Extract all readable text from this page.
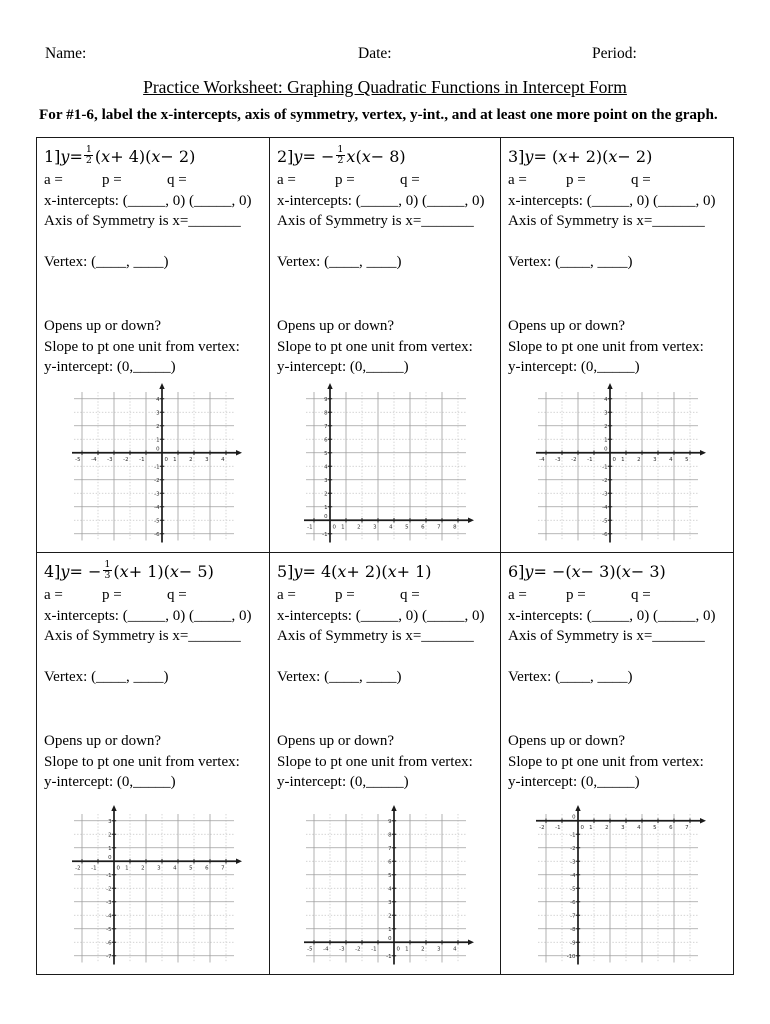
Name:	Date:	Period:
Practice Worksheet: Graphing Quadratic Functions in Intercept Form
For #1-6, label the x-intercepts, axis of symmetry, vertex, y-int., and at least one more point on the graph.
1] $y = \frac{1}{2}$ ( x + 4)( x − 2)
a =	p =	q =
x-intercepts: (_____, 0) (_____, 0)
Axis of Symmetry is x=_______
Vertex: (____, ____)
Opens up or down?
Slope to pt one unit from vertex:
y-intercept: (0,_____)
-5 -4 -3 -2 -1	0 1 2 3 4
-6
-5
-4
-3
-2
-1
0
1
2
3
4
2] y = − $\frac{1}{2}$ x ( x − 8)
a =	p =	q =
x-intercepts: (_____, 0) (_____, 0)
Axis of Symmetry is x=_______
Vertex: (____, ____)
Opens up or down?
Slope to pt one unit from vertex:
y-intercept: (0,_____)
-1	0 1 2 3 4 5 6 7 8
-1
0
1
2
3
4
5
6
7
8
9
3] y = ( x + 2)( x − 2)
a =	p =	q =
x-intercepts: (_____, 0) (_____, 0)
Axis of Symmetry is x=_______
Vertex: (____, ____)
Opens up or down?
Slope to pt one unit from vertex:
y-intercept: (0,_____)
-4 -3 -2 -1	0 1 2 3 4 5
-6
-5
-4
-3
-2
-1
0
1
2
3
4
4] y = − $\frac{1}{3}$ ( x + 1)( x − 5)
a =	p =	q =
x-intercepts: (_____, 0) (_____, 0)
Axis of Symmetry is x=_______
Vertex: (____, ____)
Opens up or down?
Slope to pt one unit from vertex:
y-intercept: (0,_____)
-2 -1	0 1 2 3 4 5 6 7
-7
-6
-5
-4
-3
-2
-1
0
1
2
3
5] y = 4( x + 2)( x + 1)
a =	p =	q =
x-intercepts: (_____, 0) (_____, 0)
Axis of Symmetry is x=_______
Vertex: (____, ____)
Opens up or down?
Slope to pt one unit from vertex:
y-intercept: (0,_____)
-5 -4 -3 -2 -1	0 1 2 3 4
-1
0
1
2
3
4
5
6
7
8
9
6] y = −( x − 3)( x − 3)
a =	p =	q =
x-intercepts: (_____, 0) (_____, 0)
Axis of Symmetry is x=_______
Vertex: (____, ____)
Opens up or down?
Slope to pt one unit from vertex:
y-intercept: (0,_____)
-2 -1	0 1 2 3 4 5 6 7
-10
-9
-8
-7
-6
-5
-4
-3
-2
-1
0
